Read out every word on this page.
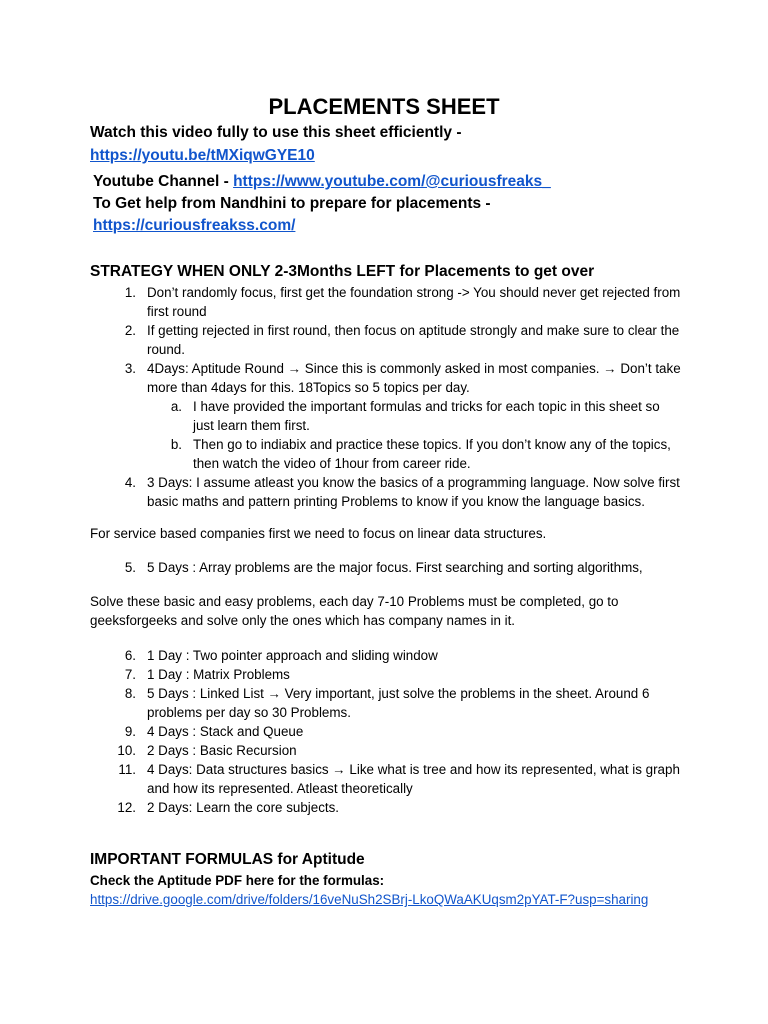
PLACEMENTS SHEET
Watch this video fully to use this sheet efficiently -
https://youtu.be/tMXiqwGYE10
Youtube Channel - https://www.youtube.com/@curiousfreaks_
To Get help from Nandhini to prepare for placements -
https://curiousfreakss.com/
STRATEGY WHEN ONLY 2-3Months LEFT for Placements to get over
1. Don’t randomly focus, first get the foundation strong -> You should never get rejected from first round
2. If getting rejected in first round, then focus on aptitude strongly and make sure to clear the round.
3. 4Days: Aptitude Round → Since this is commonly asked in most companies. → Don’t take more than 4days for this. 18Topics so 5 topics per day.
a. I have provided the important formulas and tricks for each topic in this sheet so just learn them first.
b. Then go to indiabix and practice these topics. If you don’t know any of the topics, then watch the video of 1hour from career ride.
4. 3 Days: I assume atleast you know the basics of a programming language. Now solve first basic maths and pattern printing Problems to know if you know the language basics.
For service based companies first we need to focus on linear data structures.
5. 5 Days : Array problems are the major focus. First searching and sorting algorithms,
Solve these basic and easy problems, each day 7-10 Problems must be completed, go to geeksforgeeks and solve only the ones which has company names in it.
6. 1 Day : Two pointer approach and sliding window
7. 1 Day : Matrix Problems
8. 5 Days : Linked List → Very important, just solve the problems in the sheet. Around 6 problems per day so 30 Problems.
9. 4 Days : Stack and Queue
10. 2 Days : Basic Recursion
11. 4 Days: Data structures basics → Like what is tree and how its represented, what is graph and how its represented. Atleast theoretically
12. 2 Days: Learn the core subjects.
IMPORTANT FORMULAS for Aptitude
Check the Aptitude PDF here for the formulas:
https://drive.google.com/drive/folders/16veNuSh2SBrj-LkoQWaAKUqsm2pYAT-F?usp=sharing
